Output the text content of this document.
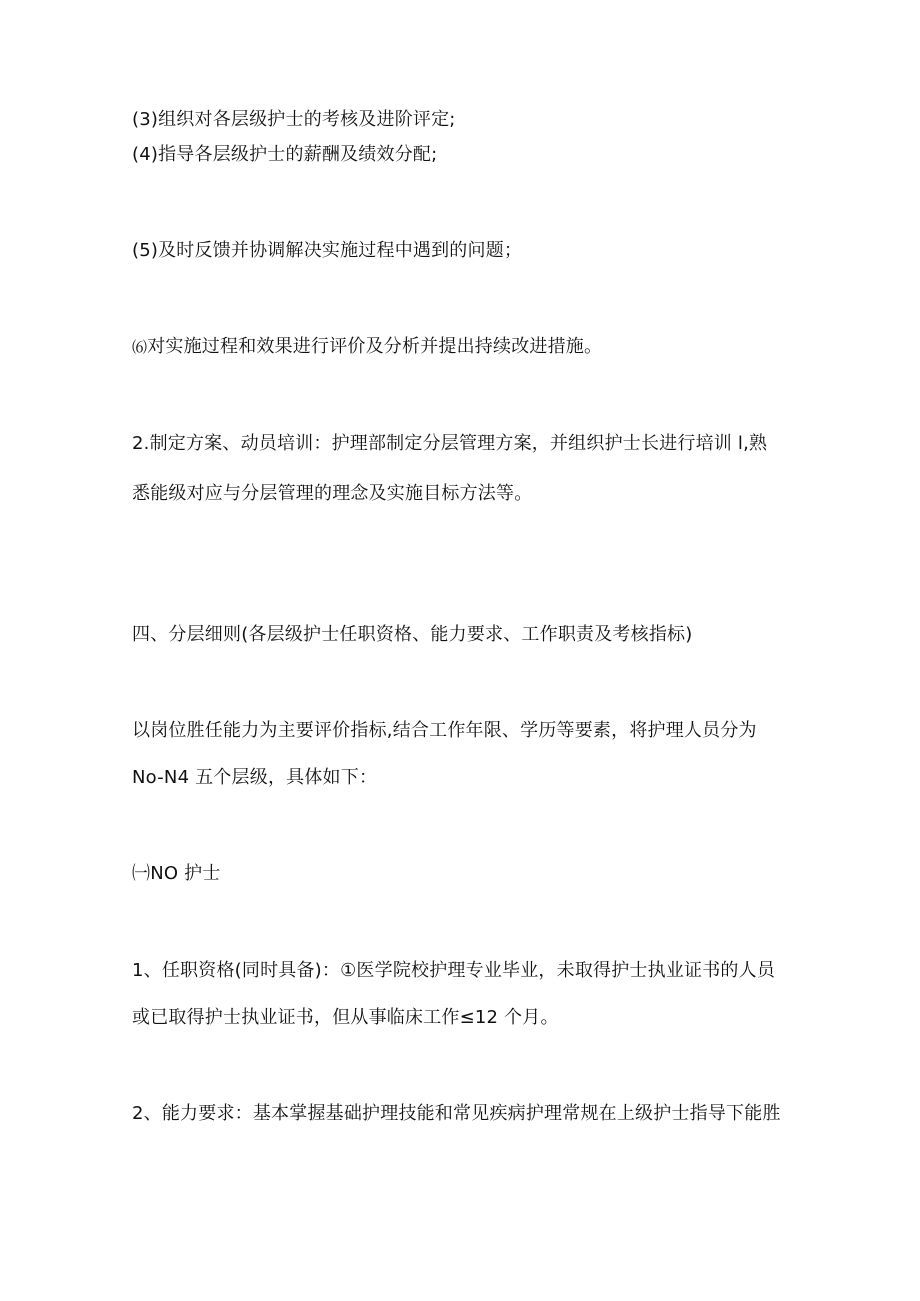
(3)组织对各层级护士的考核及进阶评定;
(4)指导各层级护士的薪酬及绩效分配;
(5)及时反馈并协调解决实施过程中遇到的问题；
⑹对实施过程和效果进行评价及分析并提出持续改进措施。
2.制定方案、动员培训：护理部制定分层管理方案，并组织护士长进行培训 l,熟
悉能级对应与分层管理的理念及实施目标方法等。
四、分层细则(各层级护士任职资格、能力要求、工作职责及考核指标)
以岗位胜任能力为主要评价指标,结合工作年限、学历等要素，将护理人员分为
No-N4 五个层级，具体如下：
㈠NO 护士
1、任职资格(同时具备)：①医学院校护理专业毕业，未取得护士执业证书的人员
或已取得护士执业证书，但从事临床工作≤12 个月。
2、能力要求：基本掌握基础护理技能和常见疾病护理常规在上级护士指导下能胜
